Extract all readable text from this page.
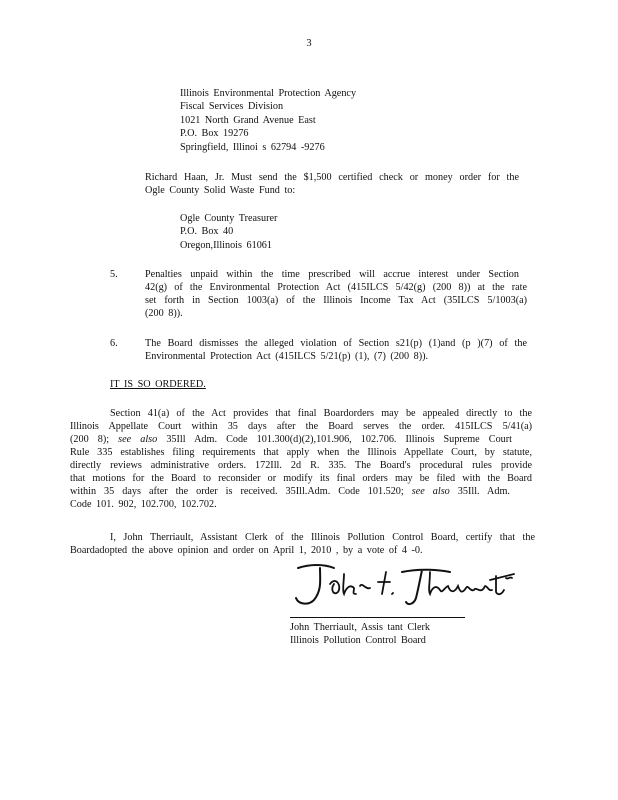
3
Illinois Environmental Protection Agency
Fiscal Services Division
1021 North Grand Avenue East
P.O. Box 19276
Springfield, Illinoi s 62794 -9276
Richard Haan, Jr. Must send the $1,500 certified check or money order for the
Ogle County Solid Waste Fund to:
Ogle County Treasurer
P.O. Box 40
Oregon,Illinois 61061
5.	Penalties unpaid within the time prescribed will accrue interest under Section
42(g) of the Environmental Protection Act (415ILCS 5/42(g) (200 8)) at the rate
set forth in Section 1003(a) of the Illinois Income Tax Act (35ILCS 5/1003(a)
(200 8)).
6.	The Board dismisses the alleged violation of Section s21(p) (1)and (p )(7) of the
Environmental Protection Act (415ILCS 5/21(p) (1), (7) (200 8)).
IT IS SO ORDERED.
Section 41(a) of the Act provides that final Boardorders may be appealed directly to the
Illinois Appellate Court within 35 days after the Board serves the order. 415ILCS 5/41(a)
(200 8); see also 35Ill Adm. Code 101.300(d)(2),101.906, 102.706. Illinois Supreme Court
Rule 335 establishes filing requirements that apply when the Illinois Appellate Court, by statute,
directly reviews administrative orders. 172Ill. 2d R. 335. The Board's procedural rules provide
that motions for the Board to reconsider or modify its final orders may be filed with the Board
within 35 days after the order is received. 35Ill.Adm. Code 101.520; see also 35Ill. Adm.
Code 101. 902, 102.700, 102.702.
I, John Therriault, Assistant Clerk of the Illinois Pollution Control Board, certify that the
Boardadopted the above opinion and order on April 1, 2010 , by a vote of 4 -0.
John Therriault, Assis tant Clerk
Illinois Pollution Control Board
